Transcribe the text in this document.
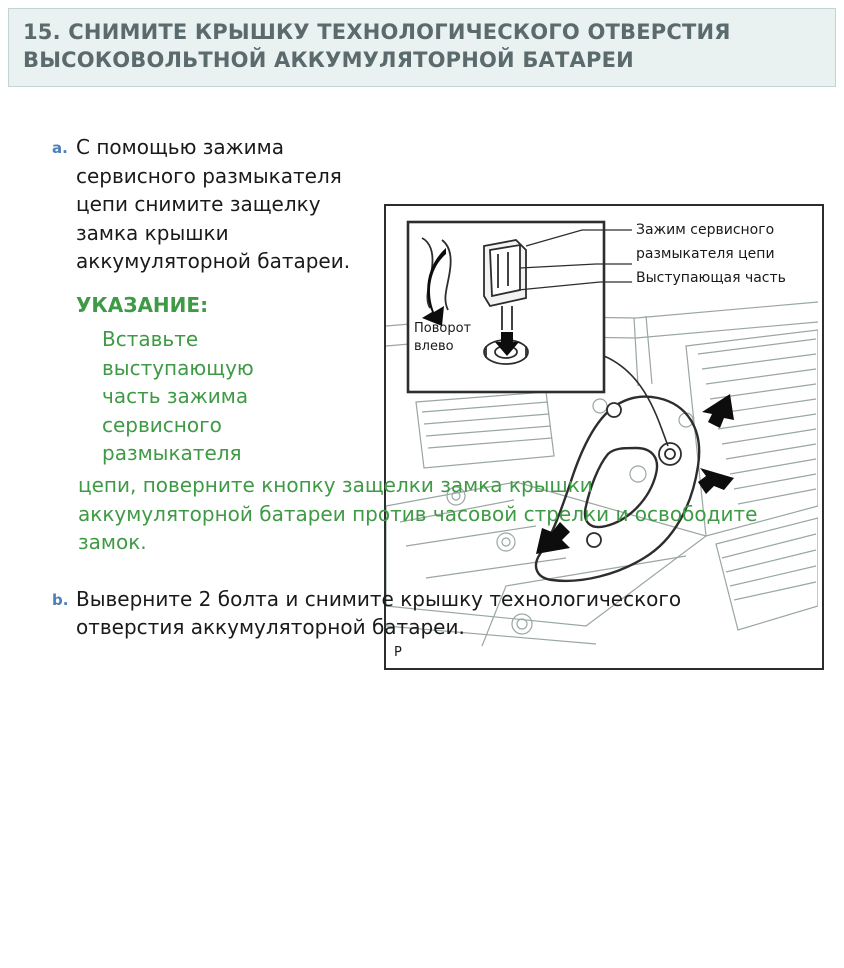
15. СНИМИТЕ КРЫШКУ ТЕХНОЛОГИЧЕСКОГО ОТВЕРСТИЯ ВЫСОКОВОЛЬТНОЙ АККУМУЛЯТОРНОЙ БАТАРЕИ
Зажим сервисного
размыкателя цепи
Выступающая часть
Поворот
влево
P
a. С помощью зажима сервисного размыкателя цепи снимите защелку замка крышки аккумуляторной батареи.
УКАЗАНИЕ:
Вставьте выступающую часть зажима сервисного размыкателя
цепи, поверните кнопку защелки замка крышки аккумуляторной батареи против часовой стрелки и освободите замок.
b. Выверните 2 болта и снимите крышку технологического отверстия аккумуляторной батареи.
